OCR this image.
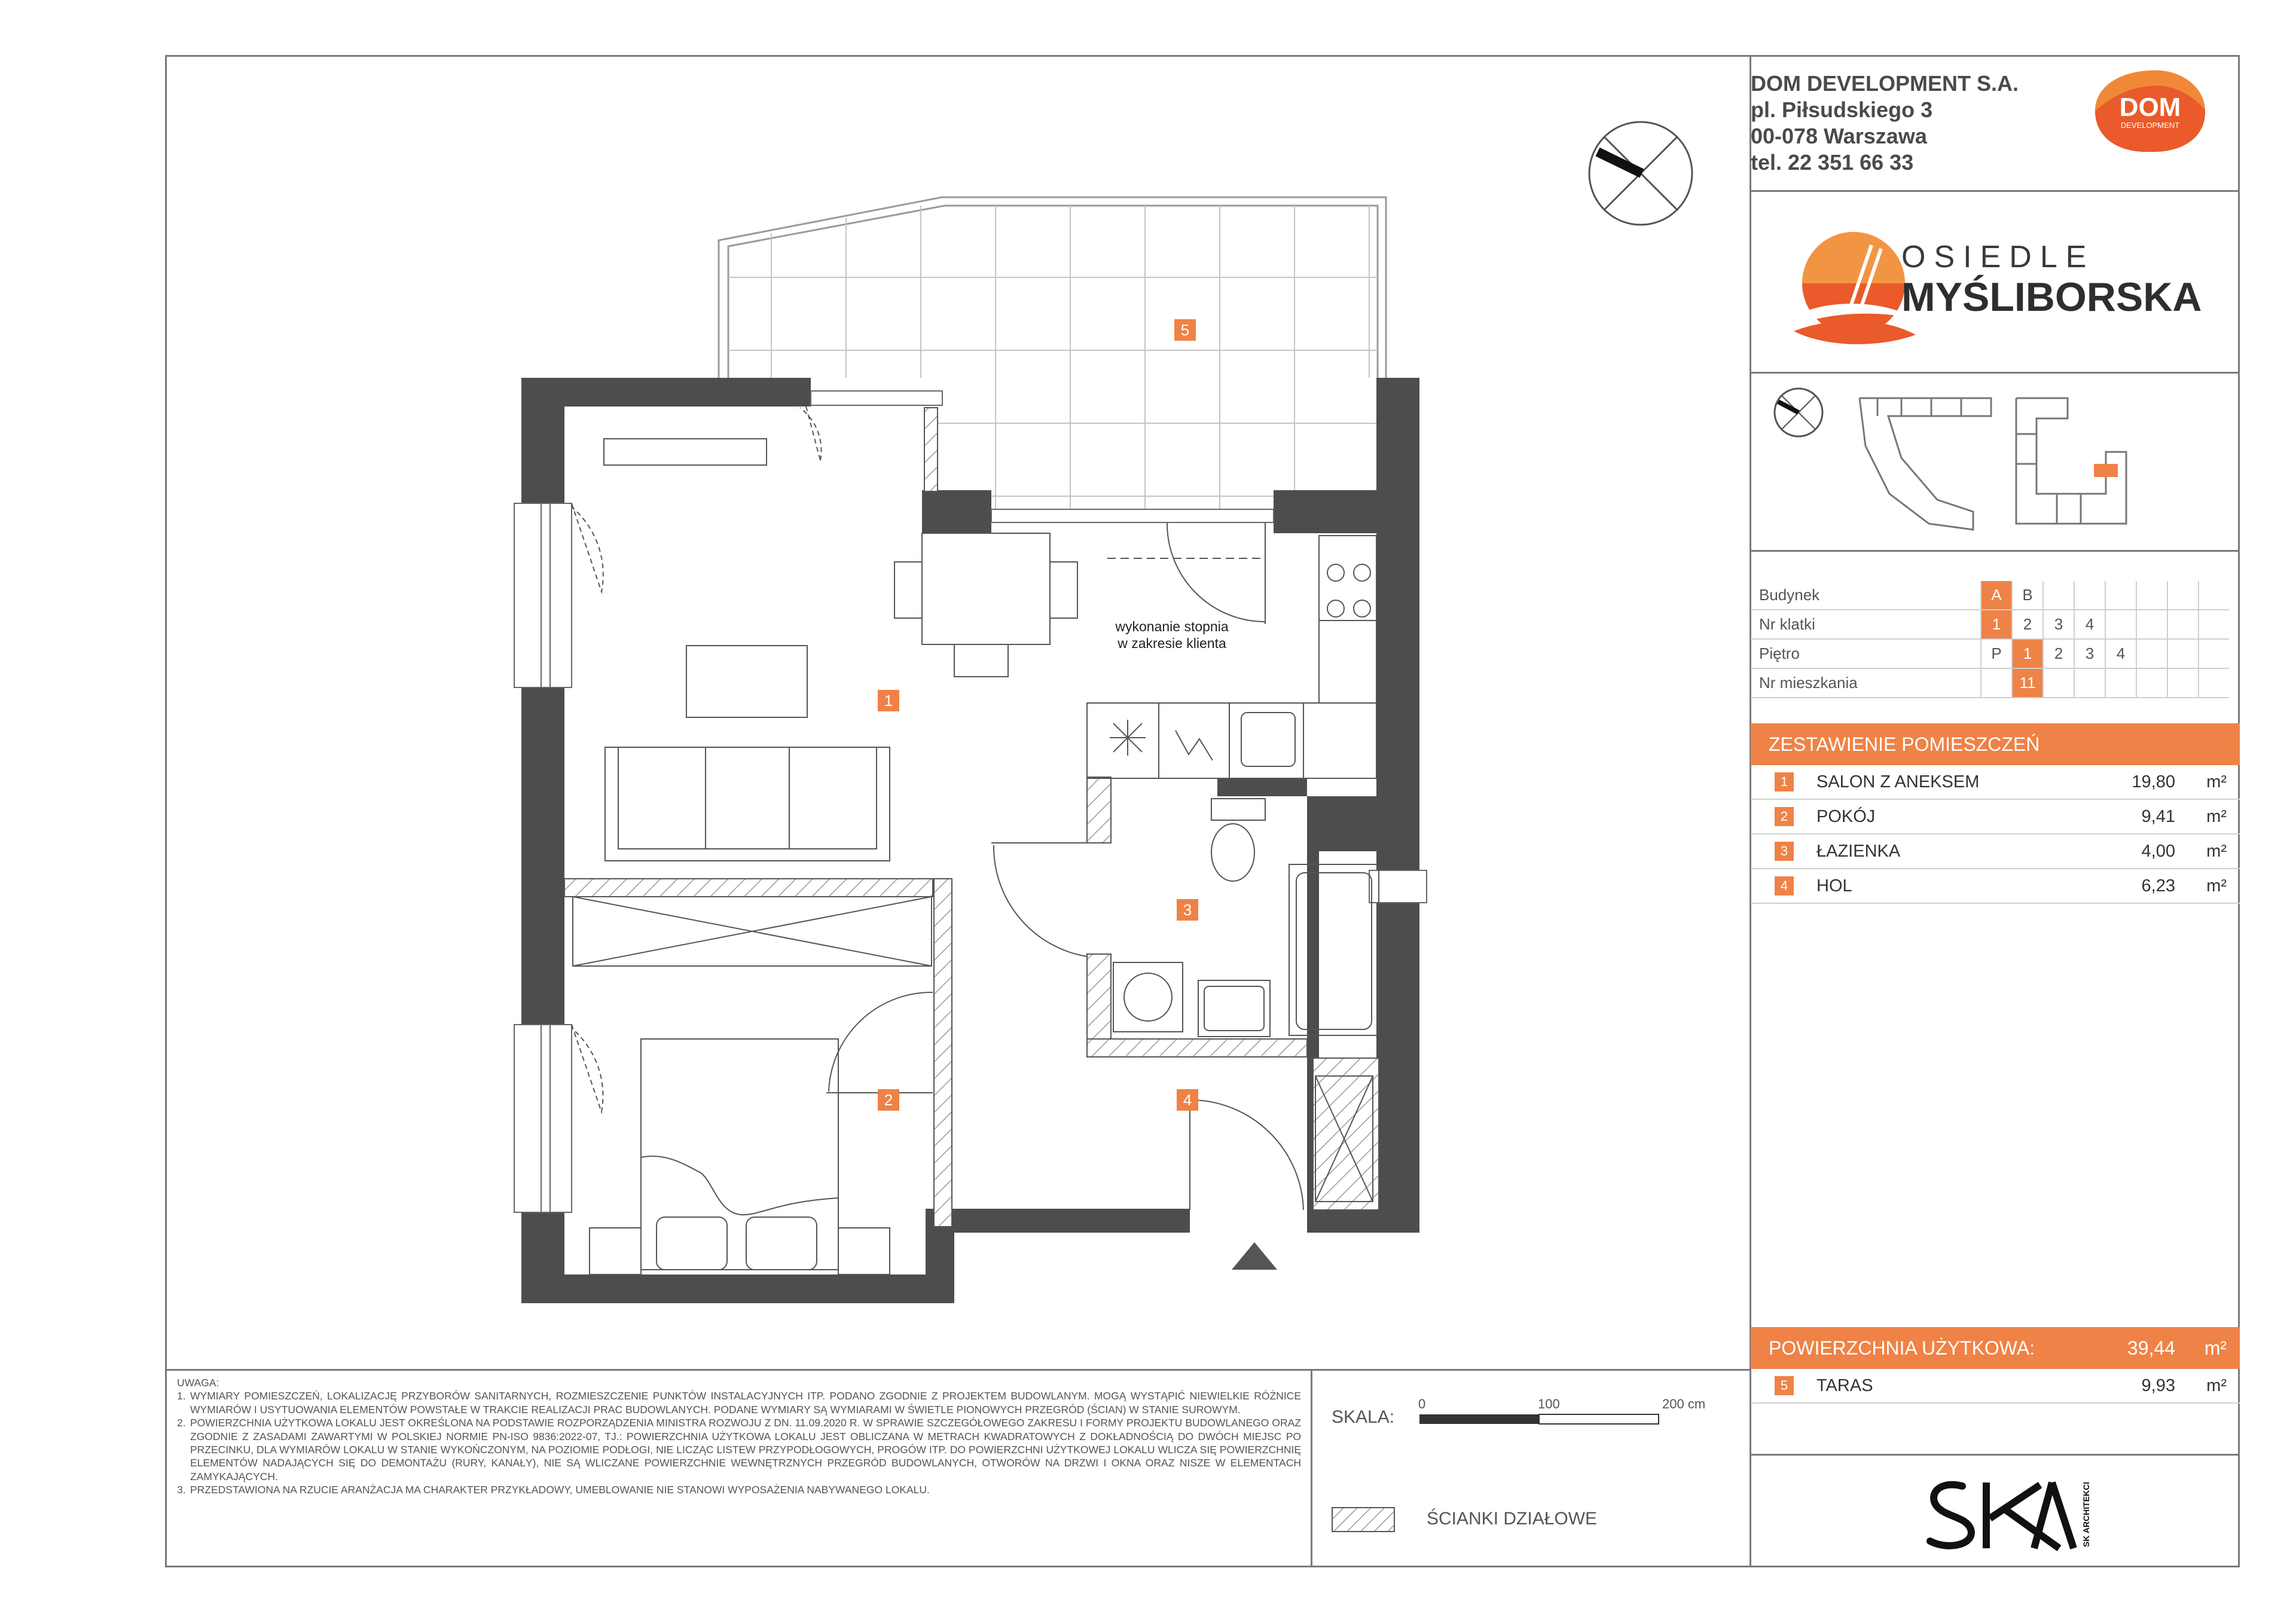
1
2
3
4
5
wykonanie stopnia
w zakresie klienta
DOM DEVELOPMENT S.A.
pl. Piłsudskiego 3
00-078 Warszawa
tel. 22 351 66 33
DOM
DEVELOPMENT
OSIEDLE
MYŚLIBORSKA
Budynek	A	B						
Nr klatki	1	2	3	4				
Piętro	P	1	2	3	4			
Nr mieszkania		11						
ZESTAWIENIE POMIESZCZEŃ
1	SALON Z ANEKSEM	19,80 m²
2	POKÓJ	9,41 m²
3	ŁAZIENKA	4,00 m²
4	HOL	6,23 m²
POWIERZCHNIA UŻYTKOWA:	39,44 m²
5	TARAS	9,93 m²

UWAGA:

1. WYMIARY POMIESZCZEŃ, LOKALIZACJĘ PRZYBORÓW SANITARNYCH, ROZMIESZCZENIE PUNKTÓW INSTALACYJNYCH ITP. PODANO ZGODNIE Z PROJEKTEM BUDOWLANYM. MOGĄ WYSTĄPIĆ NIEWIELKIE RÓŻNICE WYMIARÓW I USYTUOWANIA ELEMENTÓW POWSTAŁE W TRAKCIE REALIZACJI PRAC BUDOWLANYCH. PODANE WYMIARY SĄ WYMIARAMI W ŚWIETLE PIONOWYCH PRZEGRÓD (ŚCIAN) W STANIE SUROWYM.

2. POWIERZCHNIA UŻYTKOWA LOKALU JEST OKREŚLONA NA PODSTAWIE ROZPORZĄDZENIA MINISTRA ROZWOJU Z DN. 11.09.2020 R. W SPRAWIE SZCZEGÓŁOWEGO ZAKRESU I FORMY PROJEKTU BUDOWLANEGO ORAZ ZGODNIE Z ZASADAMI ZAWARTYMI W POLSKIEJ NORMIE PN-ISO 9836:2022-07, TJ.: POWIERZCHNIA UŻYTKOWA LOKALU JEST OBLICZANA W METRACH KWADRATOWYCH Z DOKŁADNOŚCIĄ DO DWÓCH MIEJSC PO PRZECINKU, DLA WYMIARÓW LOKALU W STANIE WYKOŃCZONYM, NA POZIOMIE PODŁOGI, NIE LICZĄC LISTEW PRZYPODŁOGOWYCH, PROGÓW ITP. DO POWIERZCHNI UŻYTKOWEJ LOKALU WLICZA SIĘ POWIERZCHNIĘ ELEMENTÓW NADAJĄCYCH SIĘ DO DEMONTAŻU (RURY, KANAŁY), NIE SĄ WLICZANE POWIERZCHNIE WEWNĘTRZNYCH PRZEGRÓD BUDOWLANYCH, OTWORÓW NA DRZWI I OKNA ORAZ NISZE W ELEMENTACH ZAMYKAJĄCYCH.

3. PRZEDSTAWIONA NA RZUCIE ARANŻACJA MA CHARAKTER PRZYKŁADOWY, UMEBLOWANIE NIE STANOWI WYPOSAŻENIA NABYWANEGO LOKALU.

SKALA:
0	100	200 cm
ŚCIANKI DZIAŁOWE	SK ARCHITEKCI
